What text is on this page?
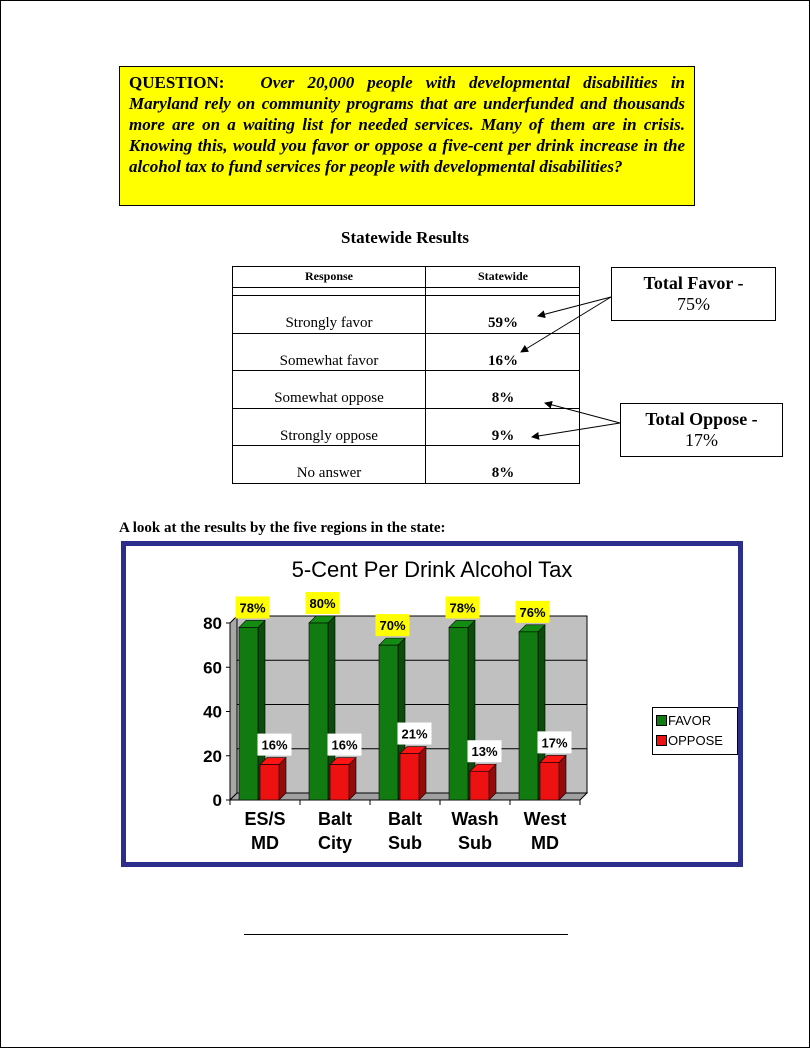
QUESTION: Over 20,000 people with developmental disabilities in Maryland rely on community programs that are underfunded and thousands more are on a waiting list for needed services. Many of them are in crisis. Knowing this, would you favor or oppose a five-cent per drink increase in the alcohol tax to fund services for people with developmental disabilities?
Statewide Results
Response	Statewide
Strongly favor	59%
Somewhat favor	16%
Somewhat oppose	8%
Strongly oppose	9%
No answer	8%
Total Favor -
75%
Total Oppose -
17%
A look at the results by the five regions in the state:
5-Cent Per Drink Alcohol Tax
0
20
40
60
80
78%
16%
ES/S
MD
80%
16%
Balt
City
70%
21%
Balt
Sub
78%
13%
Wash
Sub
76%
17%
West
MD
FAVOR
OPPOSE
